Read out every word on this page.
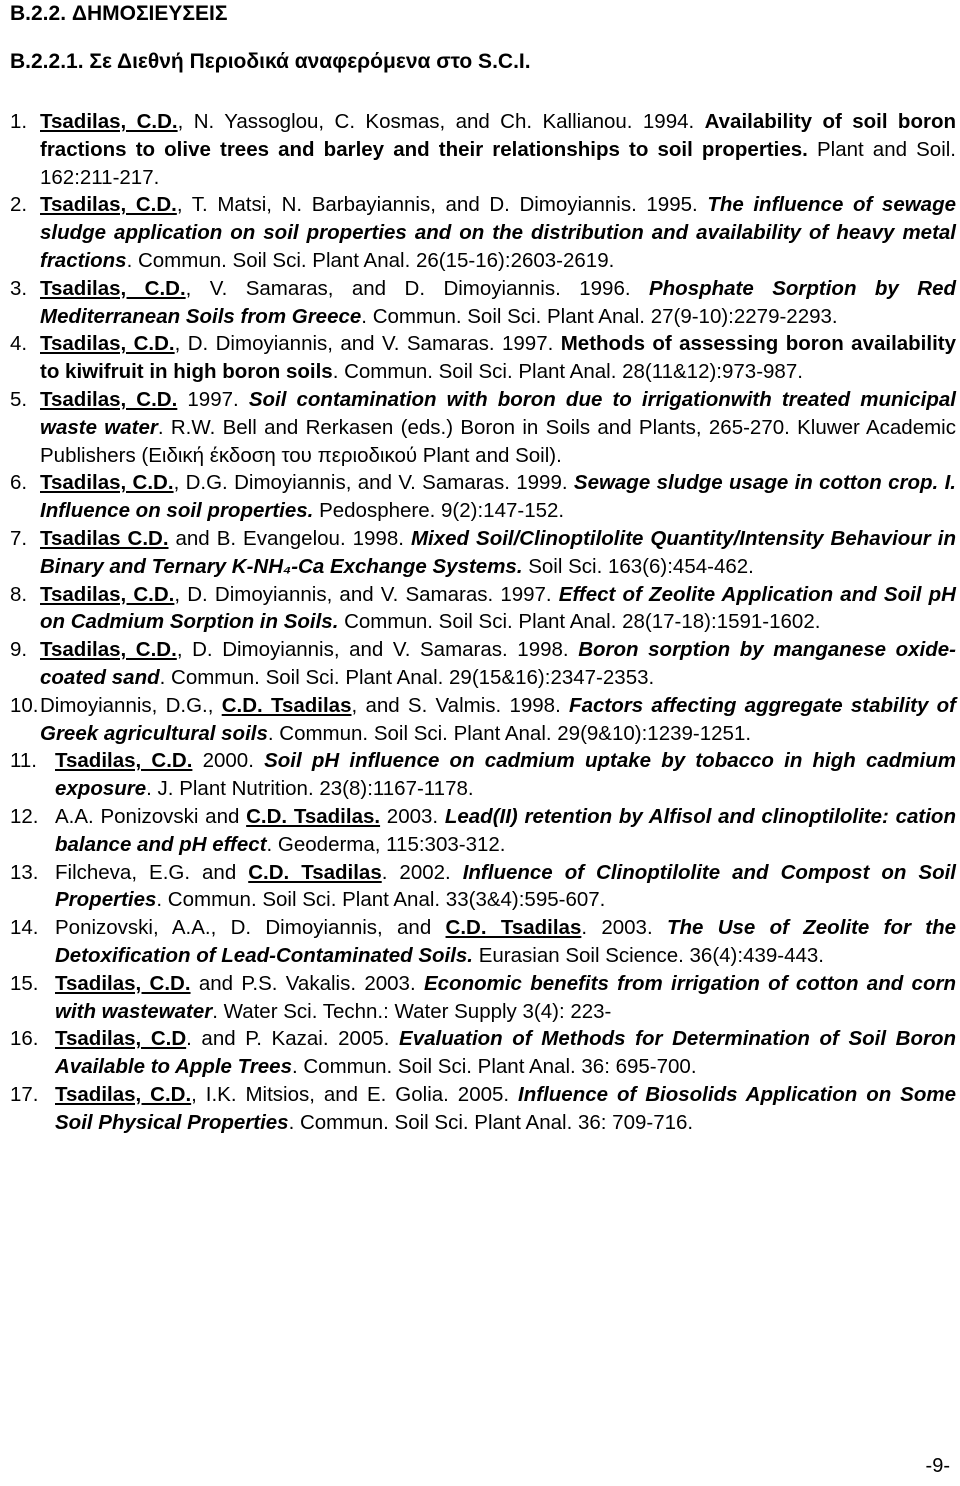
B.2.2. ΔΗΜΟΣΙΕΥΣΕΙΣ

B.2.2.1. Σε Διεθνή Περιοδικά αναφερόμενα στο S.C.I.

1. Tsadilas, C.D., N. Yassoglou, C. Kosmas, and Ch. Kallianou. 1994. Availability of soil boron fractions to olive trees and barley and their relationships to soil properties. Plant and Soil. 162:211-217.
2. Tsadilas, C.D., T. Matsi, N. Barbayiannis, and D. Dimoyiannis. 1995. The influence of sewage sludge application on soil properties and on the distribution and availability of heavy metal fractions. Commun. Soil Sci. Plant Anal. 26(15-16):2603-2619.
3. Tsadilas, C.D., V. Samaras, and D. Dimoyiannis. 1996. Phosphate Sorption by Red Mediterranean Soils from Greece. Commun. Soil Sci. Plant Anal. 27(9-10):2279-2293.
4. Tsadilas, C.D., D. Dimoyiannis, and V. Samaras. 1997. Methods of assessing boron availability to kiwifruit in high boron soils. Commun. Soil Sci. Plant Anal. 28(11&12):973-987.
5. Tsadilas, C.D. 1997. Soil contamination with boron due to irrigationwith treated municipal waste water. R.W. Bell and Rerkasen (eds.) Boron in Soils and Plants, 265-270. Kluwer Academic Publishers (Ειδική έκδοση του περιοδικού Plant and Soil).
6. Tsadilas, C.D., D.G. Dimoyiannis, and V. Samaras. 1999. Sewage sludge usage in cotton crop. I. Influence on soil properties. Pedosphere. 9(2):147-152.
7. Tsadilas C.D. and B. Evangelou. 1998. Mixed Soil/Clinoptilolite Quantity/Intensity Behaviour in Binary and Ternary K-NH₄-Ca Exchange Systems. Soil Sci. 163(6):454-462.
8. Tsadilas, C.D., D. Dimoyiannis, and V. Samaras. 1997. Effect of Zeolite Application and Soil pH on Cadmium Sorption in Soils. Commun. Soil Sci. Plant Anal. 28(17-18):1591-1602.
9. Tsadilas, C.D., D. Dimoyiannis, and V. Samaras. 1998. Boron sorption by manganese oxide-coated sand. Commun. Soil Sci. Plant Anal. 29(15&16):2347-2353.
10. Dimoyiannis, D.G., C.D. Tsadilas, and S. Valmis. 1998. Factors affecting aggregate stability of Greek agricultural soils. Commun. Soil Sci. Plant Anal. 29(9&10):1239-1251.
11. Tsadilas, C.D. 2000. Soil pH influence on cadmium uptake by tobacco in high cadmium exposure. J. Plant Nutrition. 23(8):1167-1178.
12. A.A. Ponizovski and C.D. Tsadilas. 2003. Lead(II) retention by Alfisol and clinoptilolite: cation balance and pH effect. Geoderma, 115:303-312.
13. Filcheva, E.G. and C.D. Tsadilas. 2002. Influence of Clinoptilolite and Compost on Soil Properties. Commun. Soil Sci. Plant Anal. 33(3&4):595-607.
14. Ponizovski, A.A., D. Dimoyiannis, and C.D. Tsadilas. 2003. The Use of Zeolite for the Detoxification of Lead-Contaminated Soils. Eurasian Soil Science. 36(4):439-443.
15. Tsadilas, C.D. and P.S. Vakalis. 2003. Economic benefits from irrigation of cotton and corn with wastewater. Water Sci. Techn.: Water Supply 3(4): 223-
16. Tsadilas, C.D. and P. Kazai. 2005. Evaluation of Methods for Determination of Soil Boron Available to Apple Trees. Commun. Soil Sci. Plant Anal. 36: 695-700.
17. Tsadilas, C.D., I.K. Mitsios, and E. Golia. 2005. Influence of Biosolids Application on Some Soil Physical Properties. Commun. Soil Sci. Plant Anal. 36: 709-716.
-9-
